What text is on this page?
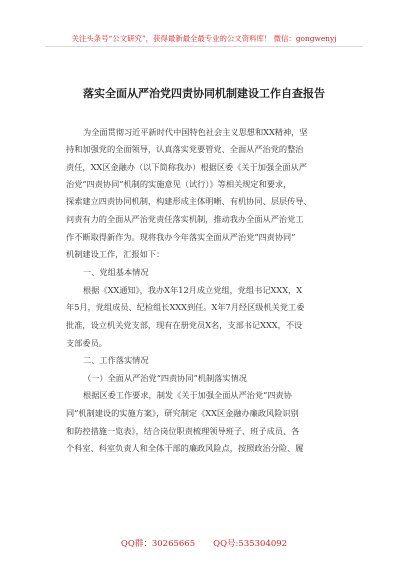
关注头条号“公文研究”，获得最新最全最专业的公文资料库！ 微信：gongwenyj
落实全面从严治党四责协同机制建设工作自查报告
为全面贯彻习近平新时代中国特色社会主义思想和XX精神，坚
持和加强党的全面领导，认真落实党要管党、全面从严治党的整治
责任，XX区金融办（以下简称我办）根据区委《关于加强全面从严
治党“四责协同”机制的实施意见（试行）》等相关规定和要求，
探索建立四责协同机制，构建形成主体明晰、有机协同、层层传导、
问责有力的全面从严治党责任落实机制，推动我办全面从严治党工
作不断取得新作为。现将我办今年落实全面从严治党“四责协同”
机制建设工作，汇报如下：
一、党组基本情况
根据《XX通知》，我办X年12月成立党组，党组书记XXX，X
年5月，党组成员、纪检组长XXX到任。X年7月经区级机关党工委
批准，设立机关党支部，现有在册党员X名，支部书记XXX，不设
支部委员。
二、工作落实情况
（一）全面从严治党“四责协同”机制落实情况
根据区委工作要求，制发《关于加强全面从严治党“四责协
同”机制建设的实施方案》，研究制定《XX区金融办廉政风险识别
和防控措施一览表》，结合岗位职责梳理领导班子、班子成员、各
个科室、科室负责人和全体干部的廉政风险点，按照政治分险、履
QQ群：30265665 QQ号:535304092
